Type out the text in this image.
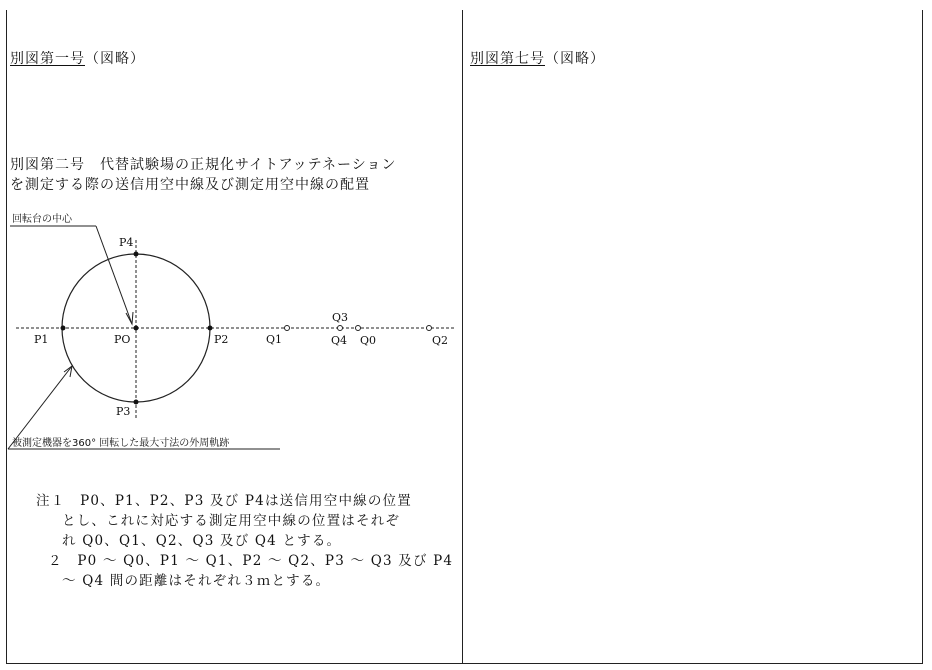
別図第一号（図略）
別図第二号　代替試験場の正規化サイトアッテネーション
を測定する際の送信用空中線及び測定用空中線の配置
回転台の中心
被測定機器を360° 回転した最大寸法の外周軌跡
P4
P1	PO	P2
P3
Q1
Q3
Q4 Q0	Q2
注１　P0、P1、P2、P3 及び P4は送信用空中線の位置
とし、これに対応する測定用空中線の位置はそれぞ
れ Q0、Q1、Q2、Q3 及び Q4 とする。
２　P0 〜 Q0、P1 〜 Q1、P2 〜 Q2、P3 〜 Q3 及び P4
〜 Q4 間の距離はそれぞれ３ｍとする。
別図第七号（図略）
